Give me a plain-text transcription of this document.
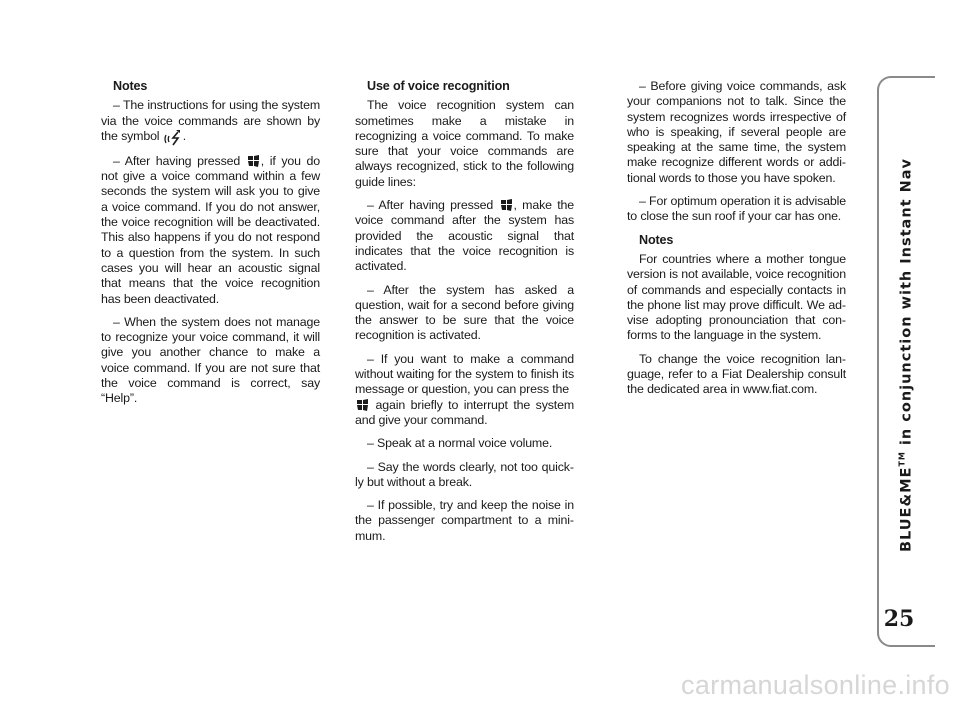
Notes

– The instructions for using the system via the voice commands are shown by the symbol .

– After having pressed , if you do not give a voice command within a few seconds the system will ask you to give a voice command. If you do not answer, the voice recognition will be deactivated. This also happens if you do not respond to a question from the system. In such cases you will hear an acoustic signal that means that the voice recognition has been deactivated.

– When the system does not manage to recognize your voice command, it will give you another chance to make a voice command. If you are not sure that the voice command is correct, say “Help”.

Use of voice recognition

The voice recognition system can sometimes make a mistake in recognizing a voice command. To make sure that your voice commands are always recognized, stick to the following guide lines:

– After having pressed , make the voice command after the system has provided the acoustic signal that indicates that the voice recognition is activated.

– After the system has asked a question, wait for a second before giving the answer to be sure that the voice recognition is activated.

– If you want to make a command without waiting for the system to finish its message or question, you can press the
again briefly to interrupt the system and give your command.

– Speak at a normal voice volume.

– Say the words clearly, not too quickly but without a break.

– If possible, try and keep the noise in the passenger compartment to a minimum.

– Before giving voice commands, ask your companions not to talk. Since the system recognizes words irrespective of who is speaking, if several people are speaking at the same time, the system make recognize different words or additional words to those you have spoken.

– For optimum operation it is advisable to close the sun roof if your car has one.

Notes

For countries where a mother tongue version is not available, voice recognition of commands and especially contacts in the phone list may prove difficult. We advise adopting pronounciation that conforms to the language in the system.

To change the voice recognition language, refer to a Fiat Dealership consult the dedicated area in www.fiat.com.

BLUE&ME™ in conjunction with Instant Nav
25
carmanualsonline.info
